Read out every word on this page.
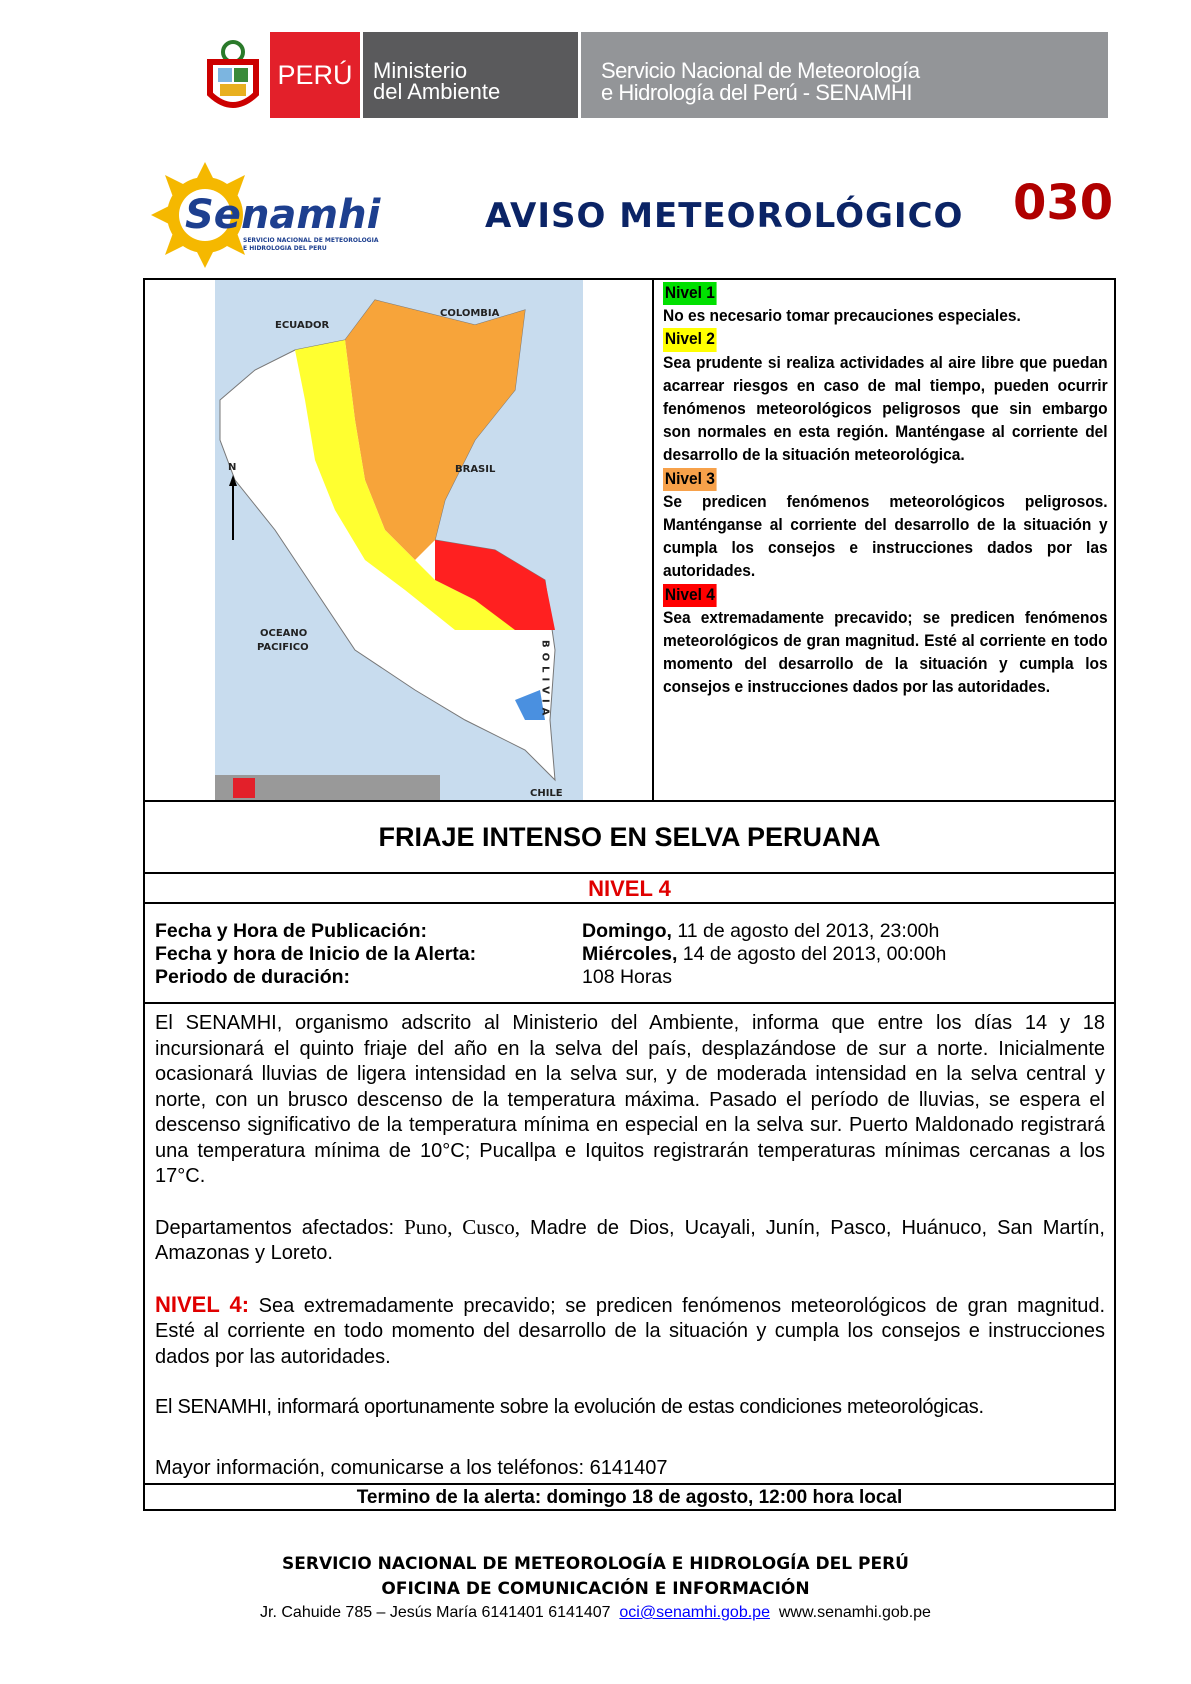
PERÚ Ministerio
del Ambiente
Servicio Nacional de Meteorología
e Hidrología del Perú - SENAMHI
Senamhi
SERVICIO NACIONAL DE METEOROLOGIA
E HIDROLOGIA DEL PERU
AVISO METEOROLÓGICO 030
ECUADOR
COLOMBIA
BRASIL
OCEANO
PACIFICO	BOLIVIA
CHILE
N
Nivel 1
No es necesario tomar precauciones especiales.
Nivel 2
Sea prudente si realiza actividades al aire libre que puedan acarrear riesgos en caso de mal tiempo, pueden ocurrir fenómenos meteorológicos peligrosos que sin embargo son normales en esta región. Manténgase al corriente del desarrollo de la situación meteorológica.
Nivel 3
Se predicen fenómenos meteorológicos peligrosos. Manténganse al corriente del desarrollo de la situación y cumpla los consejos e instrucciones dados por las autoridades.
Nivel 4
Sea extremadamente precavido; se predicen fenómenos meteorológicos de gran magnitud. Esté al corriente en todo momento del desarrollo de la situación y cumpla los consejos e instrucciones dados por las autoridades.
FRIAJE INTENSO EN SELVA PERUANA
NIVEL 4
Fecha y Hora de Publicación:	Domingo, 11 de agosto del 2013, 23:00h
Fecha y hora de Inicio de la Alerta:	Miércoles, 14 de agosto del 2013, 00:00h
Periodo de duración:	108 Horas

El SENAMHI, organismo adscrito al Ministerio del Ambiente, informa que entre los días 14 y 18 incursionará el quinto friaje del año en la selva del país, desplazándose de sur a norte. Inicialmente ocasionará lluvias de ligera intensidad en la selva sur, y de moderada intensidad en la selva central y norte, con un brusco descenso de la temperatura máxima. Pasado el período de lluvias, se espera el descenso significativo de la temperatura mínima en especial en la selva sur. Puerto Maldonado registrará una temperatura mínima de 10°C; Pucallpa e Iquitos registrarán temperaturas mínimas cercanas a los 17°C.

Departamentos afectados: Puno, Cusco, Madre de Dios, Ucayali, Junín, Pasco, Huánuco, San Martín, Amazonas y Loreto.

NIVEL 4: Sea extremadamente precavido; se predicen fenómenos meteorológicos de gran magnitud. Esté al corriente en todo momento del desarrollo de la situación y cumpla los consejos e instrucciones dados por las autoridades.

El SENAMHI, informará oportunamente sobre la evolución de estas condiciones meteorológicas.

Mayor información, comunicarse a los teléfonos: 6141407
Termino de la alerta: domingo 18 de agosto, 12:00 hora local
SERVICIO NACIONAL DE METEOROLOGÍA E HIDROLOGÍA DEL PERÚ
OFICINA DE COMUNICACIÓN E INFORMACIÓN
Jr. Cahuide 785 – Jesús María 6141401 6141407 oci@senamhi.gob.pe www.senamhi.gob.pe
